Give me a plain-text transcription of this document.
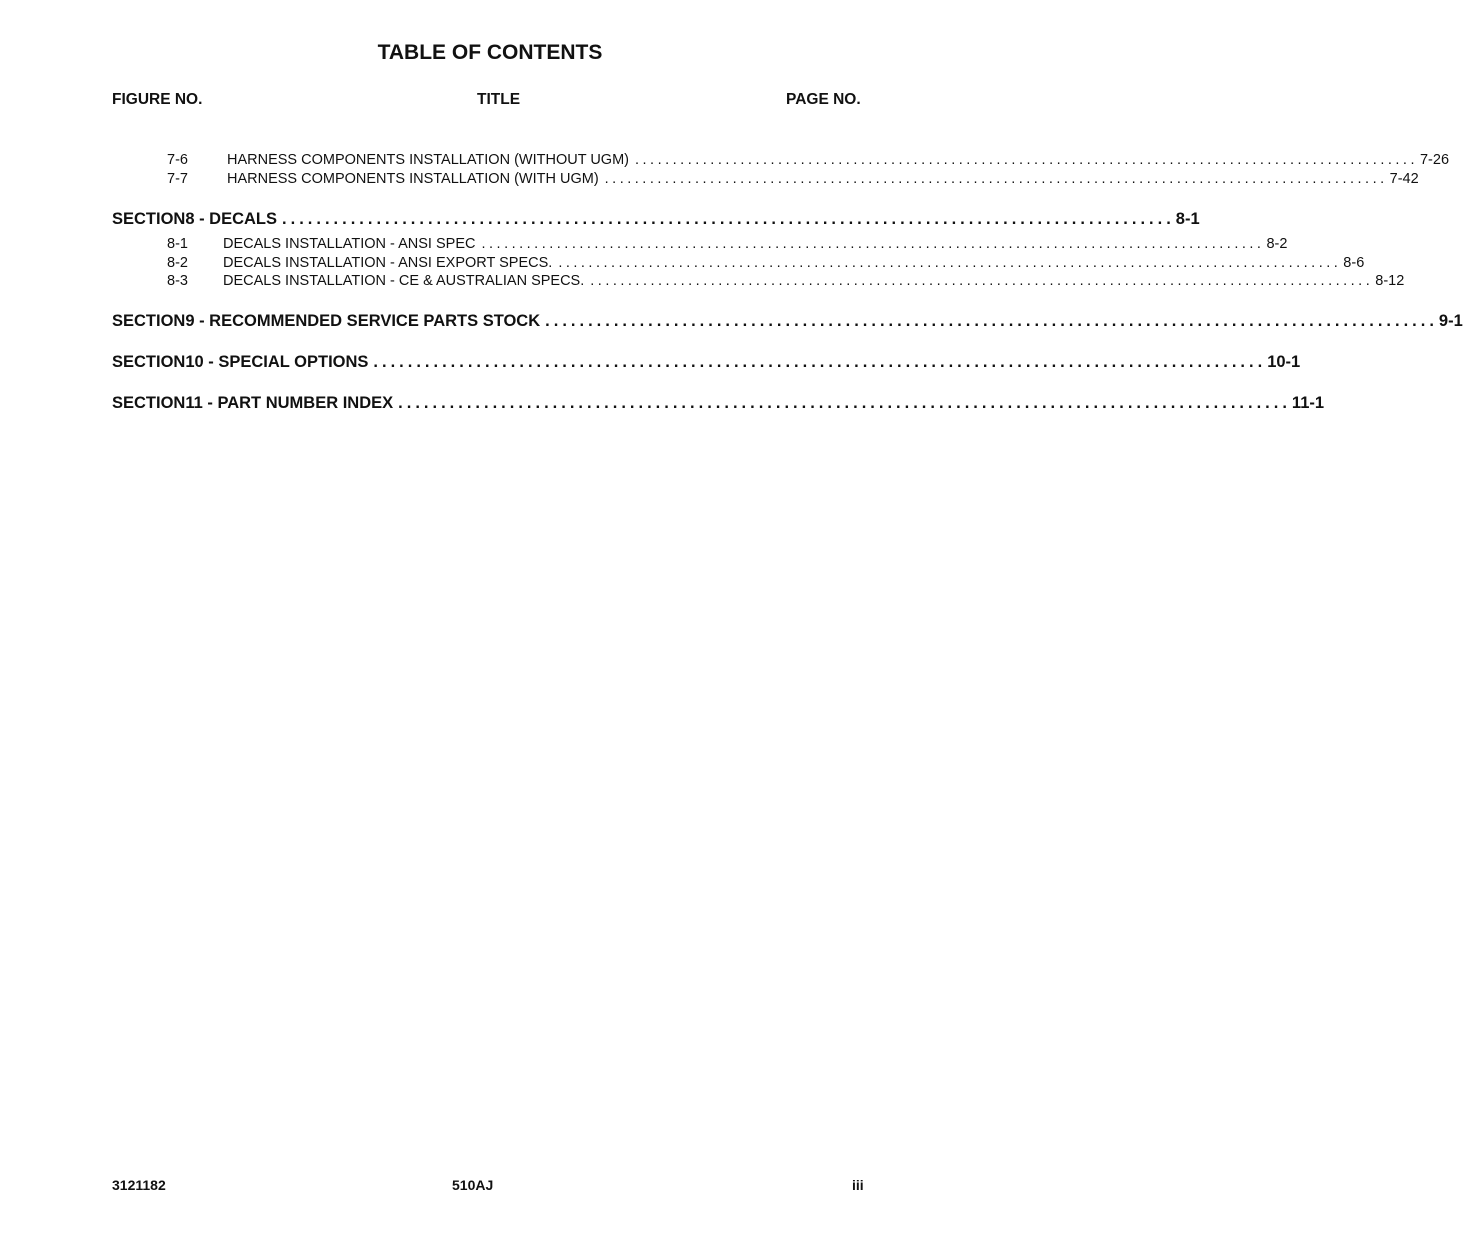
TABLE OF CONTENTS
FIGURE NO.	TITLE	PAGE NO.
7-6	HARNESS COMPONENTS INSTALLATION (WITHOUT UGM) ........................................................................................................ 7-26
7-7	HARNESS COMPONENTS INSTALLATION (WITH UGM) ........................................................................................................ 7-42
SECTION 8 - DECALS ........................................................................................................ 8-1
8-1 DECALS INSTALLATION - ANSI SPEC ........................................................................................................ 8-2
8-2 DECALS INSTALLATION - ANSI EXPORT SPECS. ........................................................................................................ 8-6
8-3 DECALS INSTALLATION - CE & AUSTRALIAN SPECS. ........................................................................................................ 8-12
SECTION 9 - RECOMMENDED SERVICE PARTS STOCK ........................................................................................................ 9-1
SECTION 10 - SPECIAL OPTIONS ........................................................................................................ 10-1
SECTION 11 - PART NUMBER INDEX ........................................................................................................ 11-1
3121182	510AJ	iii
